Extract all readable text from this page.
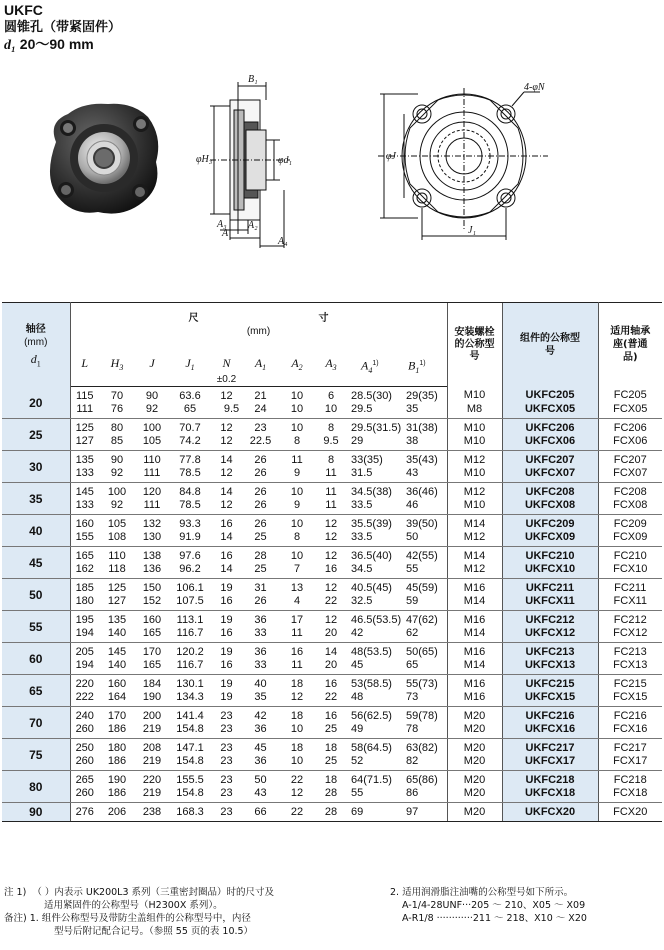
UKFC
圆锥孔（带紧固件）
d₁ 20～90 mm
B₁
φH₃	φd₁
A₃
A
A₂
A₄
4-φN
φJ
J₁
轴径
(mm)
$d_1$	尺 寸										安装螺栓的公称型号	组件的公称型号	适用轴承座(普通品)
	(mm)												
	L	$H_3$	J	$J_1$	N
±0.2	$A_1$	$A_2$	$A_3$	$A_4^{1)}$	$B_1^{1)}$
20	115	70	90	63.6	12	21	10	6	28.5(30)	29(35)	M10	UKFC205	FC205
	111	76	92	65	9.5	24	10	10	29.5	35	M8	UKFCX05	FCX05
25	125	80	100	70.7	12	23	10	8	29.5(31.5)	31(38)	M10	UKFC206	FC206
	127	85	105	74.2	12	22.5	8	9.5	29	38	M10	UKFCX06	FCX06
30	135	90	110	77.8	14	26	11	8	33(35)	35(43)	M12	UKFC207	FC207
	133	92	111	78.5	12	26	9	11	31.5	43	M10	UKFCX07	FCX07
35	145	100	120	84.8	14	26	10	11	34.5(38)	36(46)	M12	UKFC208	FC208
	133	92	111	78.5	12	26	9	11	33.5	46	M10	UKFCX08	FCX08
40	160	105	132	93.3	16	26	10	12	35.5(39)	39(50)	M14	UKFC209	FC209
	155	108	130	91.9	14	25	8	12	33.5	50	M12	UKFCX09	FCX09
45	165	110	138	97.6	16	28	10	12	36.5(40)	42(55)	M14	UKFC210	FC210
	162	118	136	96.2	14	25	7	16	34.5	55	M12	UKFCX10	FCX10
50	185	125	150	106.1	19	31	13	12	40.5(45)	45(59)	M16	UKFC211	FC211
	180	127	152	107.5	16	26	4	22	32.5	59	M14	UKFCX11	FCX11
55	195	135	160	113.1	19	36	17	12	46.5(53.5)	47(62)	M16	UKFC212	FC212
	194	140	165	116.7	16	33	11	20	42	62	M14	UKFCX12	FCX12
60	205	145	170	120.2	19	36	16	14	48(53.5)	50(65)	M16	UKFC213	FC213
	194	140	165	116.7	16	33	11	20	45	65	M14	UKFCX13	FCX13
65	220	160	184	130.1	19	40	18	16	53(58.5)	55(73)	M16	UKFC215	FC215
	222	164	190	134.3	19	35	12	22	48	73	M16	UKFCX15	FCX15
70	240	170	200	141.4	23	42	18	16	56(62.5)	59(78)	M20	UKFC216	FC216
	260	186	219	154.8	23	36	10	25	49	78	M20	UKFCX16	FCX16
75	250	180	208	147.1	23	45	18	18	58(64.5)	63(82)	M20	UKFC217	FC217
	260	186	219	154.8	23	36	10	25	52	82	M20	UKFCX17	FCX17
80	265	190	220	155.5	23	50	22	18	64(71.5)	65(86)	M20	UKFC218	FC218
	260	186	219	154.8	23	43	12	28	55	86	M20	UKFCX18	FCX18
90	276	206	238	168.3	23	66	22	28	69	97	M20	UKFCX20	FCX20
注 1) （ ）内表示 UK200L3 系列（三重密封圈品）时的尺寸及
适用紧固件的公称型号（H2300X 系列）。
备注) 1. 组件公称型号及带防尘盖组件的公称型号中，内径
型号后附记配合记号。（参照 55 页的表 10.5）
2. 适用润滑脂注油嘴的公称型号如下所示。
A-1/4-28UNF···205 ～ 210、X05 ～ X09
A-R1/8 ············211 ～ 218、X10 ～ X20
